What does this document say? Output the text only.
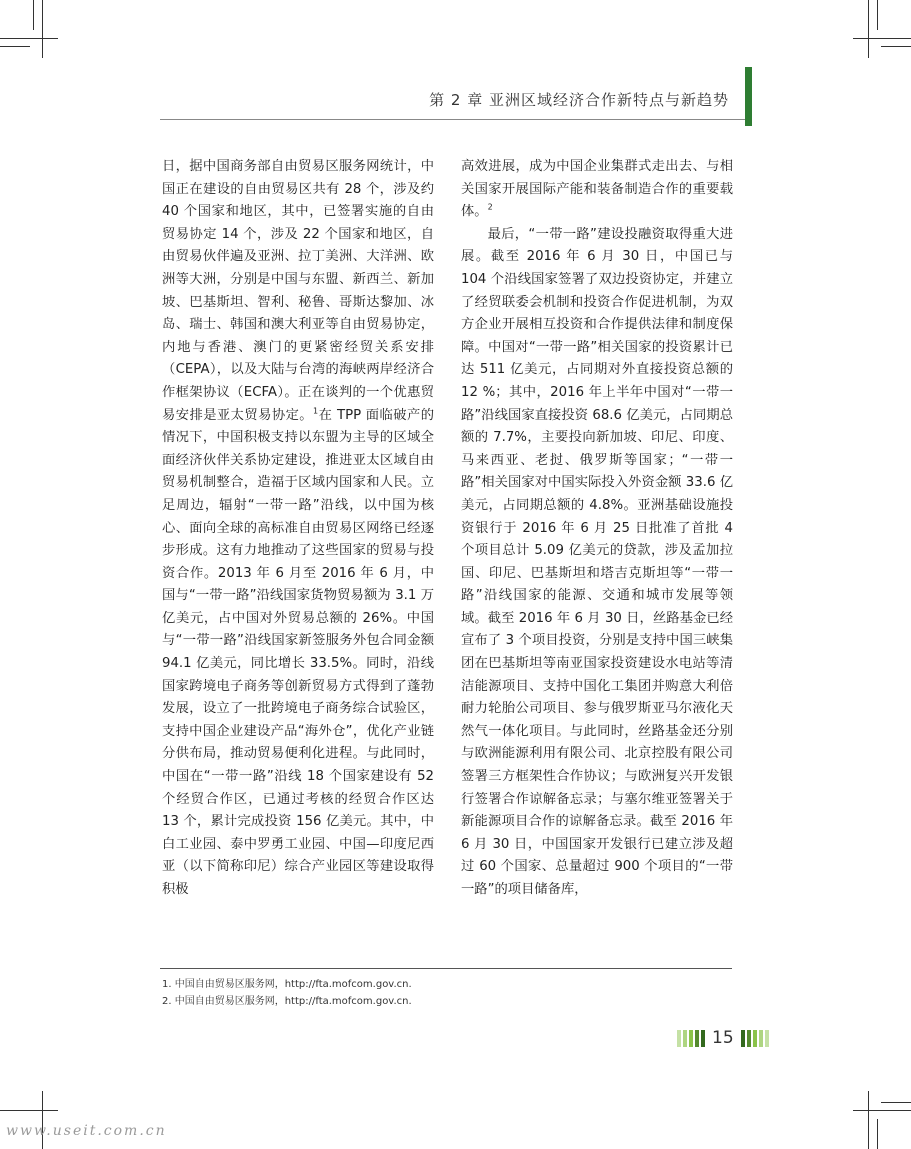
第 2 章 亚洲区域经济合作新特点与新趋势

日，据中国商务部自由贸易区服务网统计，中国正在建设的自由贸易区共有 28 个，涉及约 40 个国家和地区，其中，已签署实施的自由贸易协定 14 个，涉及 22 个国家和地区，自由贸易伙伴遍及亚洲、拉丁美洲、大洋洲、欧洲等大洲，分别是中国与东盟、新西兰、新加坡、巴基斯坦、智利、秘鲁、哥斯达黎加、冰岛、瑞士、韩国和澳大利亚等自由贸易协定，内地与香港、澳门的更紧密经贸关系安排（CEPA），以及大陆与台湾的海峡两岸经济合作框架协议（ECFA）。正在谈判的一个优惠贸易安排是亚太贸易协定。$^1$在 TPP 面临破产的情况下，中国积极支持以东盟为主导的区域全面经济伙伴关系协定建设，推进亚太区域自由贸易机制整合，造福于区域内国家和人民。立足周边，辐射“一带一路”沿线，以中国为核心、面向全球的高标准自由贸易区网络已经逐步形成。这有力地推动了这些国家的贸易与投资合作。2013 年 6 月至 2016 年 6 月，中国与“一带一路”沿线国家货物贸易额为 3.1 万亿美元，占中国对外贸易总额的 26%。中国与“一带一路”沿线国家新签服务外包合同金额 94.1 亿美元，同比增长 33.5%。同时，沿线国家跨境电子商务等创新贸易方式得到了蓬勃发展，设立了一批跨境电子商务综合试验区，支持中国企业建设产品“海外仓”，优化产业链分供布局，推动贸易便利化进程。与此同时，中国在“一带一路”沿线 18 个国家建设有 52 个经贸合作区，已通过考核的经贸合作区达 13 个，累计完成投资 156 亿美元。其中，中白工业园、泰中罗勇工业园、中国—印度尼西亚（以下简称印尼）综合产业园区等建设取得积极

高效进展，成为中国企业集群式走出去、与相关国家开展国际产能和装备制造合作的重要载体。$^2$

最后，“一带一路”建设投融资取得重大进展。截至 2016 年 6 月 30 日，中国已与 104 个沿线国家签署了双边投资协定，并建立了经贸联委会机制和投资合作促进机制，为双方企业开展相互投资和合作提供法律和制度保障。中国对“一带一路”相关国家的投资累计已达 511 亿美元，占同期对外直接投资总额的 12 %；其中，2016 年上半年中国对“一带一路”沿线国家直接投资 68.6 亿美元，占同期总额的 7.7%，主要投向新加坡、印尼、印度、马来西亚、老挝、俄罗斯等国家；“一带一路”相关国家对中国实际投入外资金额 33.6 亿美元，占同期总额的 4.8%。亚洲基础设施投资银行于 2016 年 6 月 25 日批准了首批 4 个项目总计 5.09 亿美元的贷款，涉及孟加拉国、印尼、巴基斯坦和塔吉克斯坦等“一带一路”沿线国家的能源、交通和城市发展等领域。截至 2016 年 6 月 30 日，丝路基金已经宣布了 3 个项目投资，分别是支持中国三峡集团在巴基斯坦等南亚国家投资建设水电站等清洁能源项目、支持中国化工集团并购意大利倍耐力轮胎公司项目、参与俄罗斯亚马尔液化天然气一体化项目。与此同时，丝路基金还分别与欧洲能源利用有限公司、北京控股有限公司签署三方框架性合作协议；与欧洲复兴开发银行签署合作谅解备忘录；与塞尔维亚签署关于新能源项目合作的谅解备忘录。截至 2016 年 6 月 30 日，中国国家开发银行已建立涉及超过 60 个国家、总量超过 900 个项目的“一带一路”的项目储备库，

1. 中国自由贸易区服务网，http://fta.mofcom.gov.cn.
2. 中国自由贸易区服务网，http://fta.mofcom.gov.cn.
15
www.useit.com.cn
